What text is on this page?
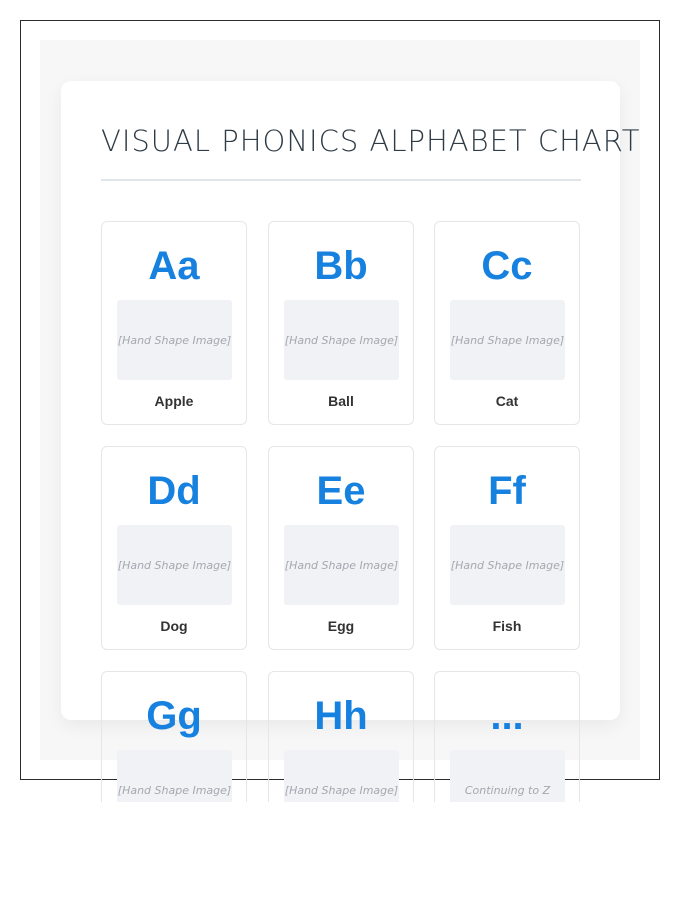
VISUAL PHONICS ALPHABET CHART
Aa
[Hand Shape Image]
Apple
Bb
[Hand Shape Image]
Ball
Cc
[Hand Shape Image]
Cat
Dd
[Hand Shape Image]
Dog
Ee
[Hand Shape Image]
Egg
Ff
[Hand Shape Image]
Fish
Gg
[Hand Shape Image]
Hh
[Hand Shape Image]
...
Continuing to Z
